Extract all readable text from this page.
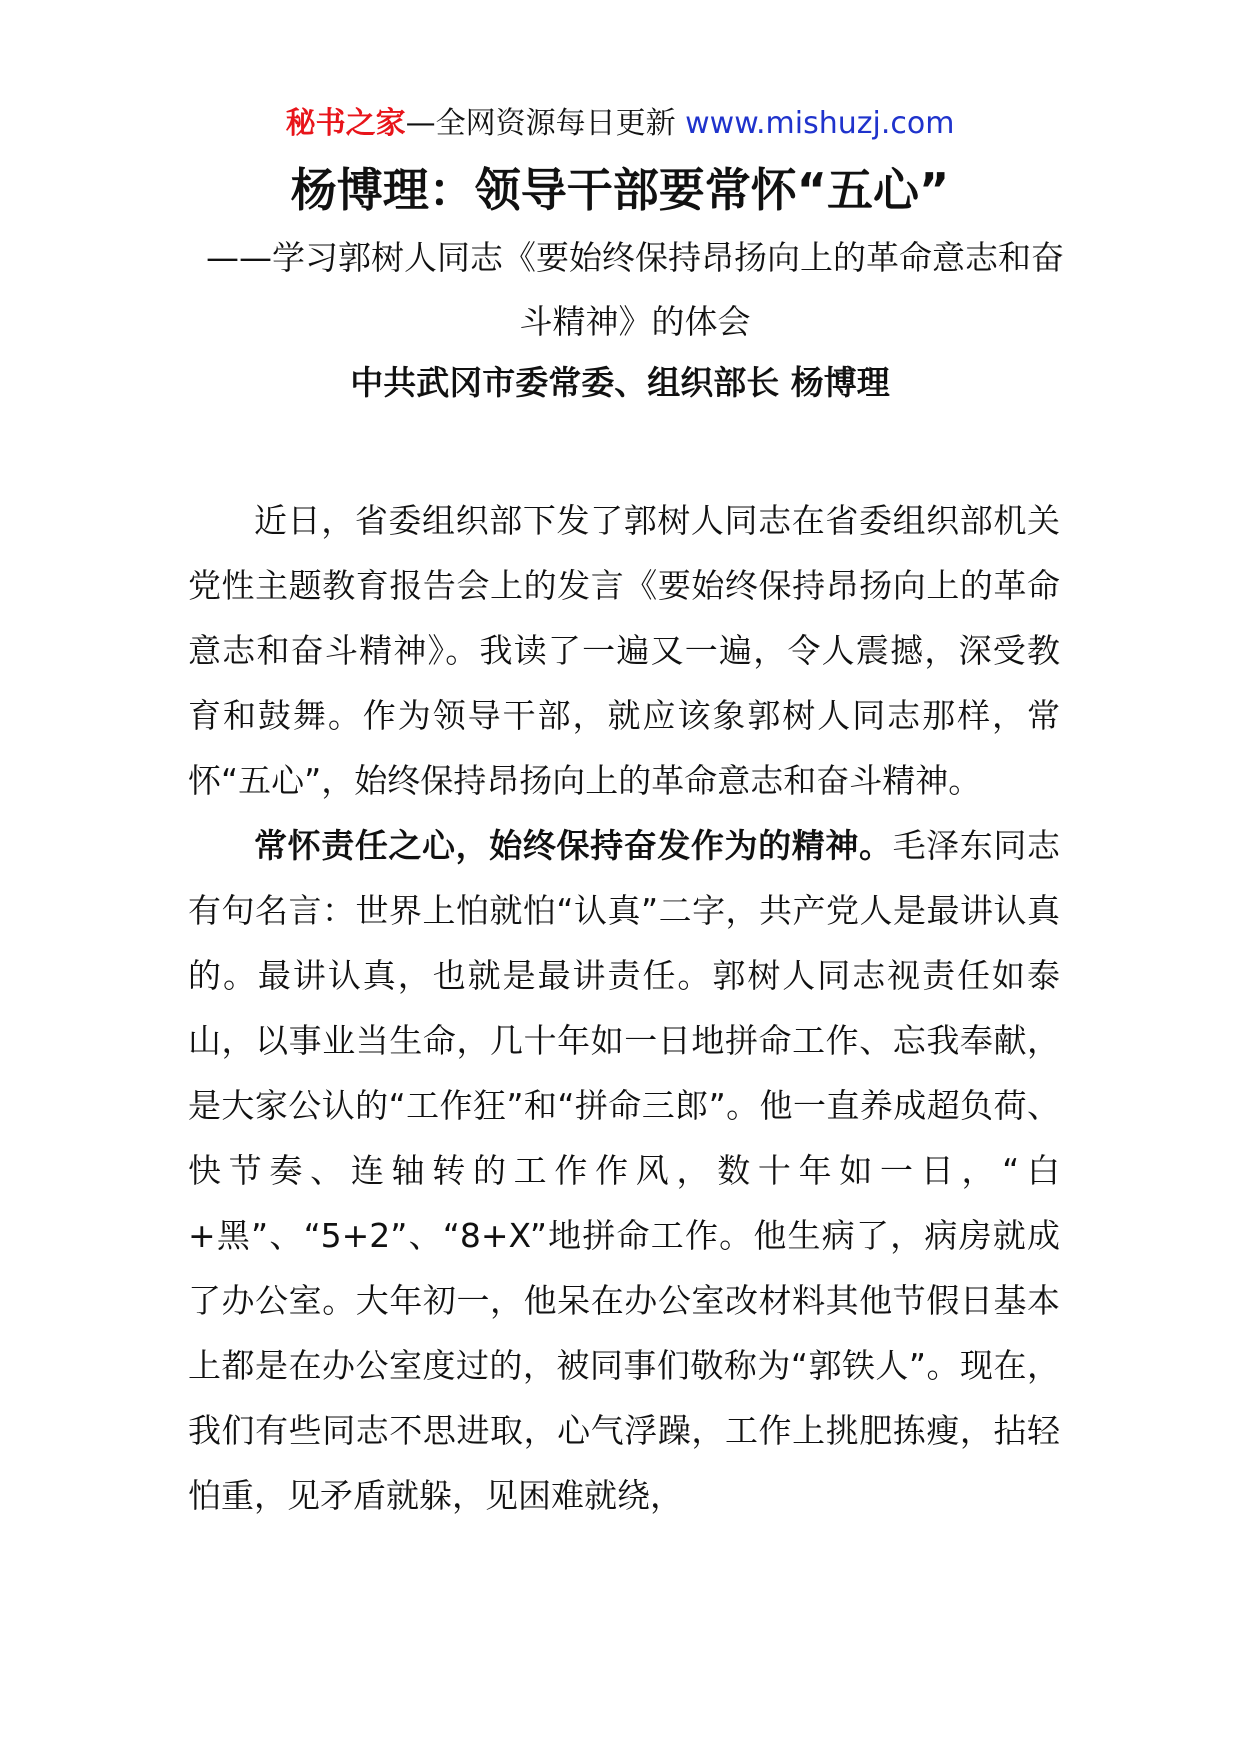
秘书之家—全网资源每日更新 www.mishuzj.com
杨博理：领导干部要常怀“五心”
——学习郭树人同志《要始终保持昂扬向上的革命意志和奋斗精神》的体会
中共武冈市委常委、组织部长 杨博理

近日，省委组织部下发了郭树人同志在省委组织部机关党性主题教育报告会上的发言《要始终保持昂扬向上的革命意志和奋斗精神》。我读了一遍又一遍，令人震撼，深受教育和鼓舞。作为领导干部，就应该象郭树人同志那样，常怀“五心”，始终保持昂扬向上的革命意志和奋斗精神。

常怀责任之心，始终保持奋发作为的精神。毛泽东同志有句名言：世界上怕就怕“认真”二字，共产党人是最讲认真的。最讲认真，也就是最讲责任。郭树人同志视责任如泰山，以事业当生命，几十年如一日地拼命工作、忘我奉献，是大家公认的“工作狂”和“拼命三郎”。他一直养成超负荷、快节奏、连轴转的工作作风，数十年如一日，“白+黑”、“5+2”、“8+X”地拼命工作。他生病了，病房就成了办公室。大年初一，他呆在办公室改材料其他节假日基本上都是在办公室度过的，被同事们敬称为“郭铁人”。现在，我们有些同志不思进取，心气浮躁，工作上挑肥拣瘦，拈轻怕重，见矛盾就躲，见困难就绕，
